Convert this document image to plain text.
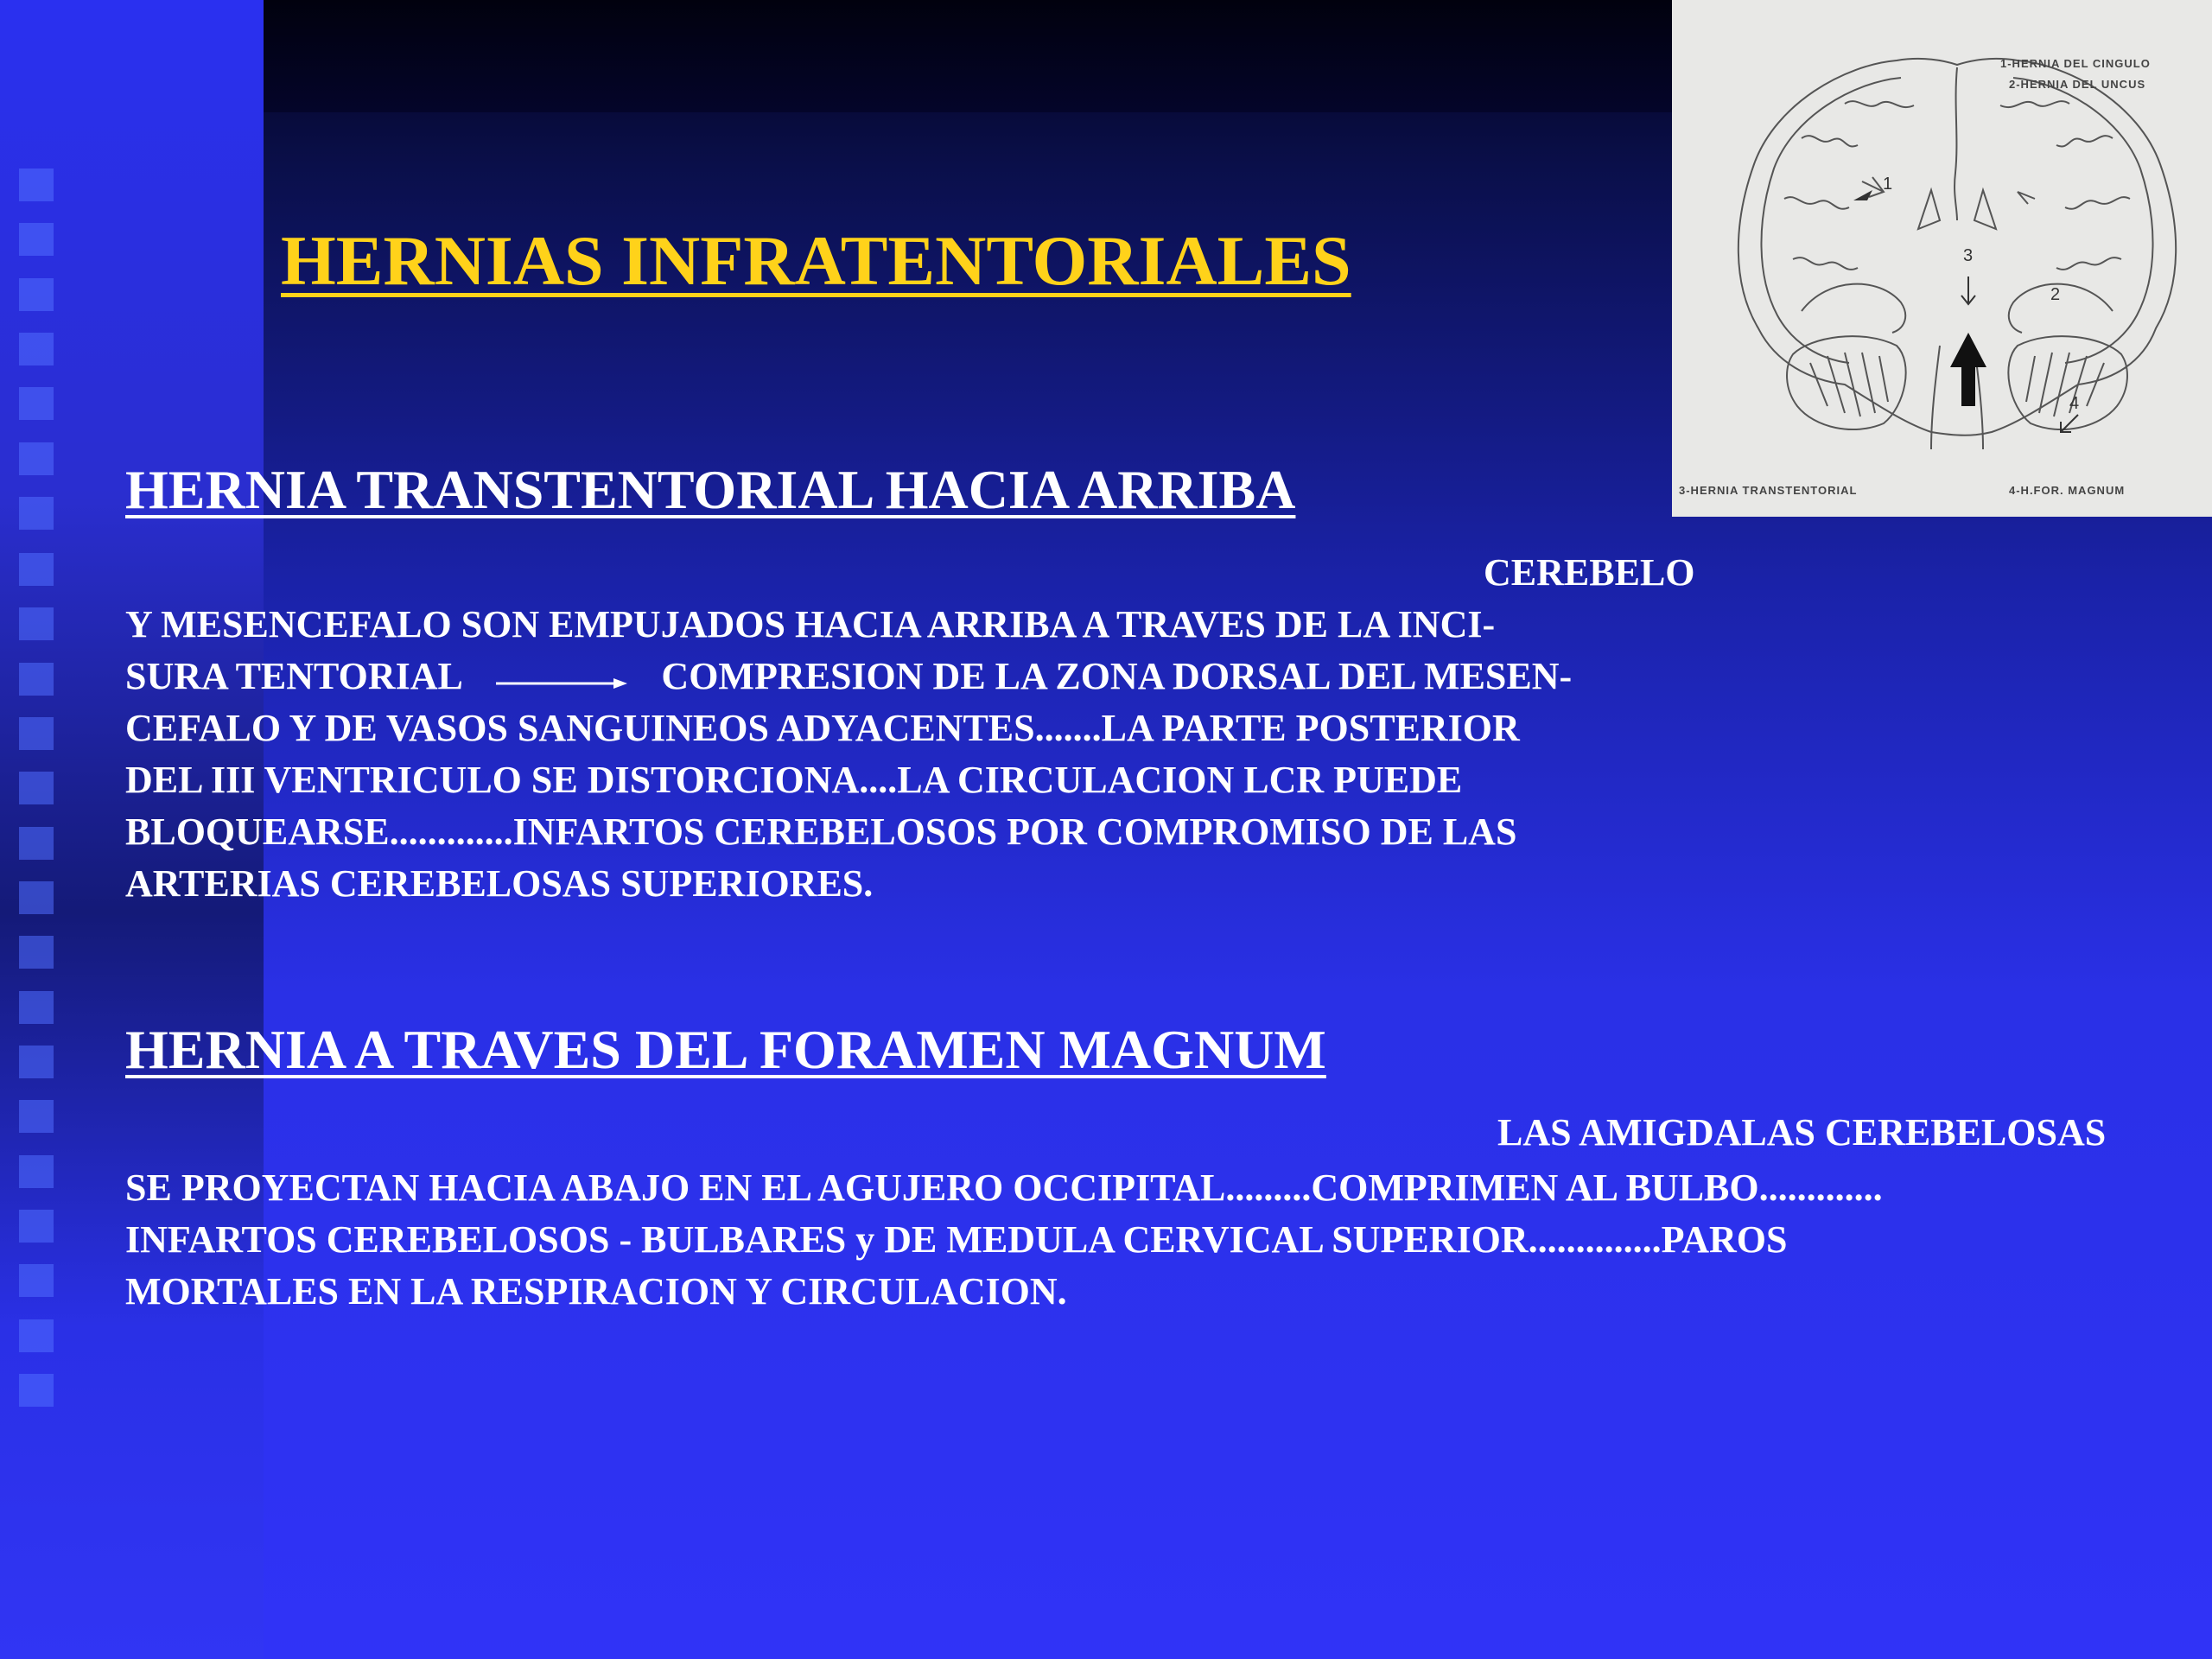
HERNIAS INFRATENTORIALES
HERNIA TRANSTENTORIAL HACIA ARRIBA
CEREBELO
Y MESENCEFALO SON EMPUJADOS HACIA ARRIBA A TRAVES DE LA INCI-
SURA TENTORIAL	COMPRESION DE LA ZONA DORSAL DEL MESEN-
CEFALO Y DE VASOS SANGUINEOS ADYACENTES.......LA PARTE POSTERIOR
DEL III VENTRICULO SE DISTORCIONA....LA CIRCULACION LCR PUEDE
BLOQUEARSE.............INFARTOS CEREBELOSOS POR COMPROMISO DE LAS
ARTERIAS CEREBELOSAS SUPERIORES.
HERNIA A TRAVES DEL FORAMEN MAGNUM
LAS AMIGDALAS CEREBELOSAS
SE PROYECTAN HACIA ABAJO EN EL AGUJERO OCCIPITAL.........COMPRIMEN AL BULBO.............
INFARTOS CEREBELOSOS - BULBARES y DE MEDULA CERVICAL SUPERIOR..............PAROS
MORTALES EN LA RESPIRACION Y CIRCULACION.
1-HERNIA DEL CINGULO
2-HERNIA DEL UNCUS
3-HERNIA TRANSTENTORIAL	4-H.FOR. MAGNUM
1
2
3
4
